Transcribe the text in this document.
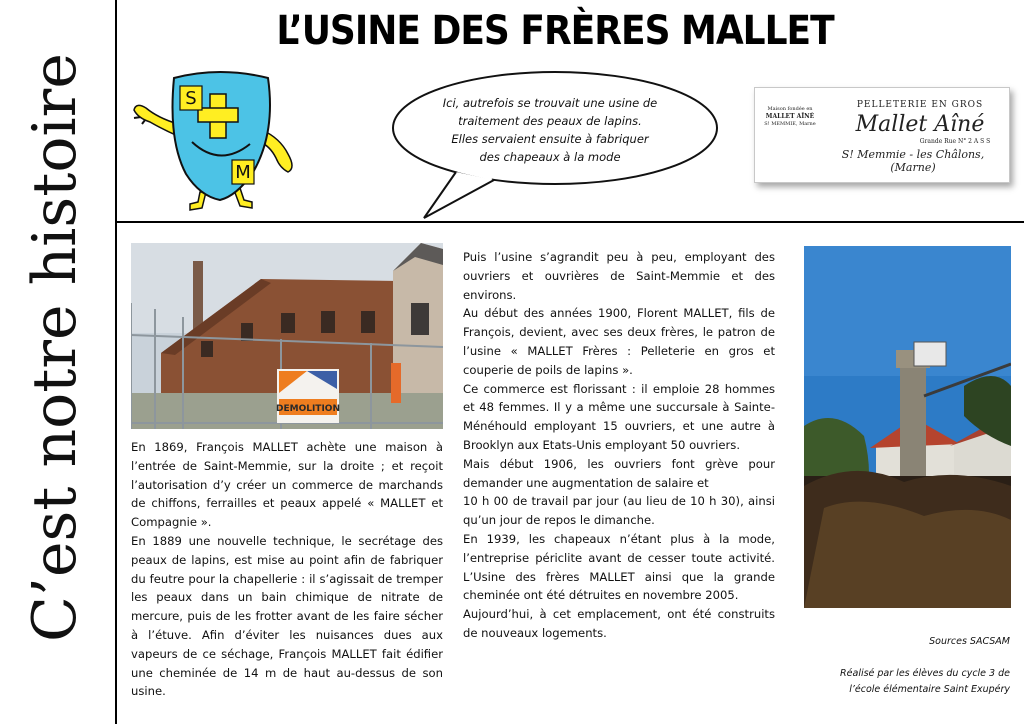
C’est notre histoire
L’USINE DES FRÈRES MALLET
S
M
Ici, autrefois se trouvait une usine de
traitement des peaux de lapins.
Elles servaient ensuite à fabriquer
des chapeaux à la mode
Maison fondée en
MALLET AÎNÉ
S! MEMMIE, Marne
PELLETERIE EN GROS
Mallet Aîné
Grande Rue N° 2 A S S
S! Memmie - les Châlons, (Marne)
DEMOLITION

En 1869, François MALLET achète une maison à l’entrée de Saint-Memmie, sur la droite ; et reçoit l’autorisation d’y créer un commerce de marchands de chiffons, ferrailles et peaux appelé « MALLET et Compagnie ».

En 1889 une nouvelle technique, le secrétage des peaux de lapins, est mise au point afin de fabriquer du feutre pour la chapellerie : il s’agissait de tremper les peaux dans un bain chimique de nitrate de mercure, puis de les frotter avant de les faire sécher à l’étuve. Afin d’éviter les nuisances dues aux vapeurs de ce séchage, François MALLET fait édifier une cheminée de 14 m de haut au-dessus de son usine.

Puis l’usine s’agrandit peu à peu, employant des ouvriers et ouvrières de Saint-Memmie et des environs.

Au début des années 1900, Florent MALLET, fils de François, devient, avec ses deux frères, le patron de l’usine « MALLET Frères : Pelleterie en gros et couperie de poils de lapins ».

Ce commerce est florissant : il emploie 28 hommes et 48 femmes. Il y a même une succursale à Sainte-Ménéhould employant 15 ouvriers, et une autre à Brooklyn aux Etats-Unis employant 50 ouvriers.

Mais début 1906, les ouvriers font grève pour demander une augmentation de salaire et

10 h 00 de travail par jour (au lieu de 10 h 30), ainsi qu’un jour de repos le dimanche.

En 1939, les chapeaux n’étant plus à la mode, l’entreprise périclite avant de cesser toute activité. L’Usine des frères MALLET ainsi que la grande cheminée ont été détruites en novembre 2005.

Aujourd’hui, à cet emplacement, ont été construits de nouveaux logements.

Sources SACSAM
Réalisé par les élèves du cycle 3 de
l’école élémentaire Saint Exupéry
